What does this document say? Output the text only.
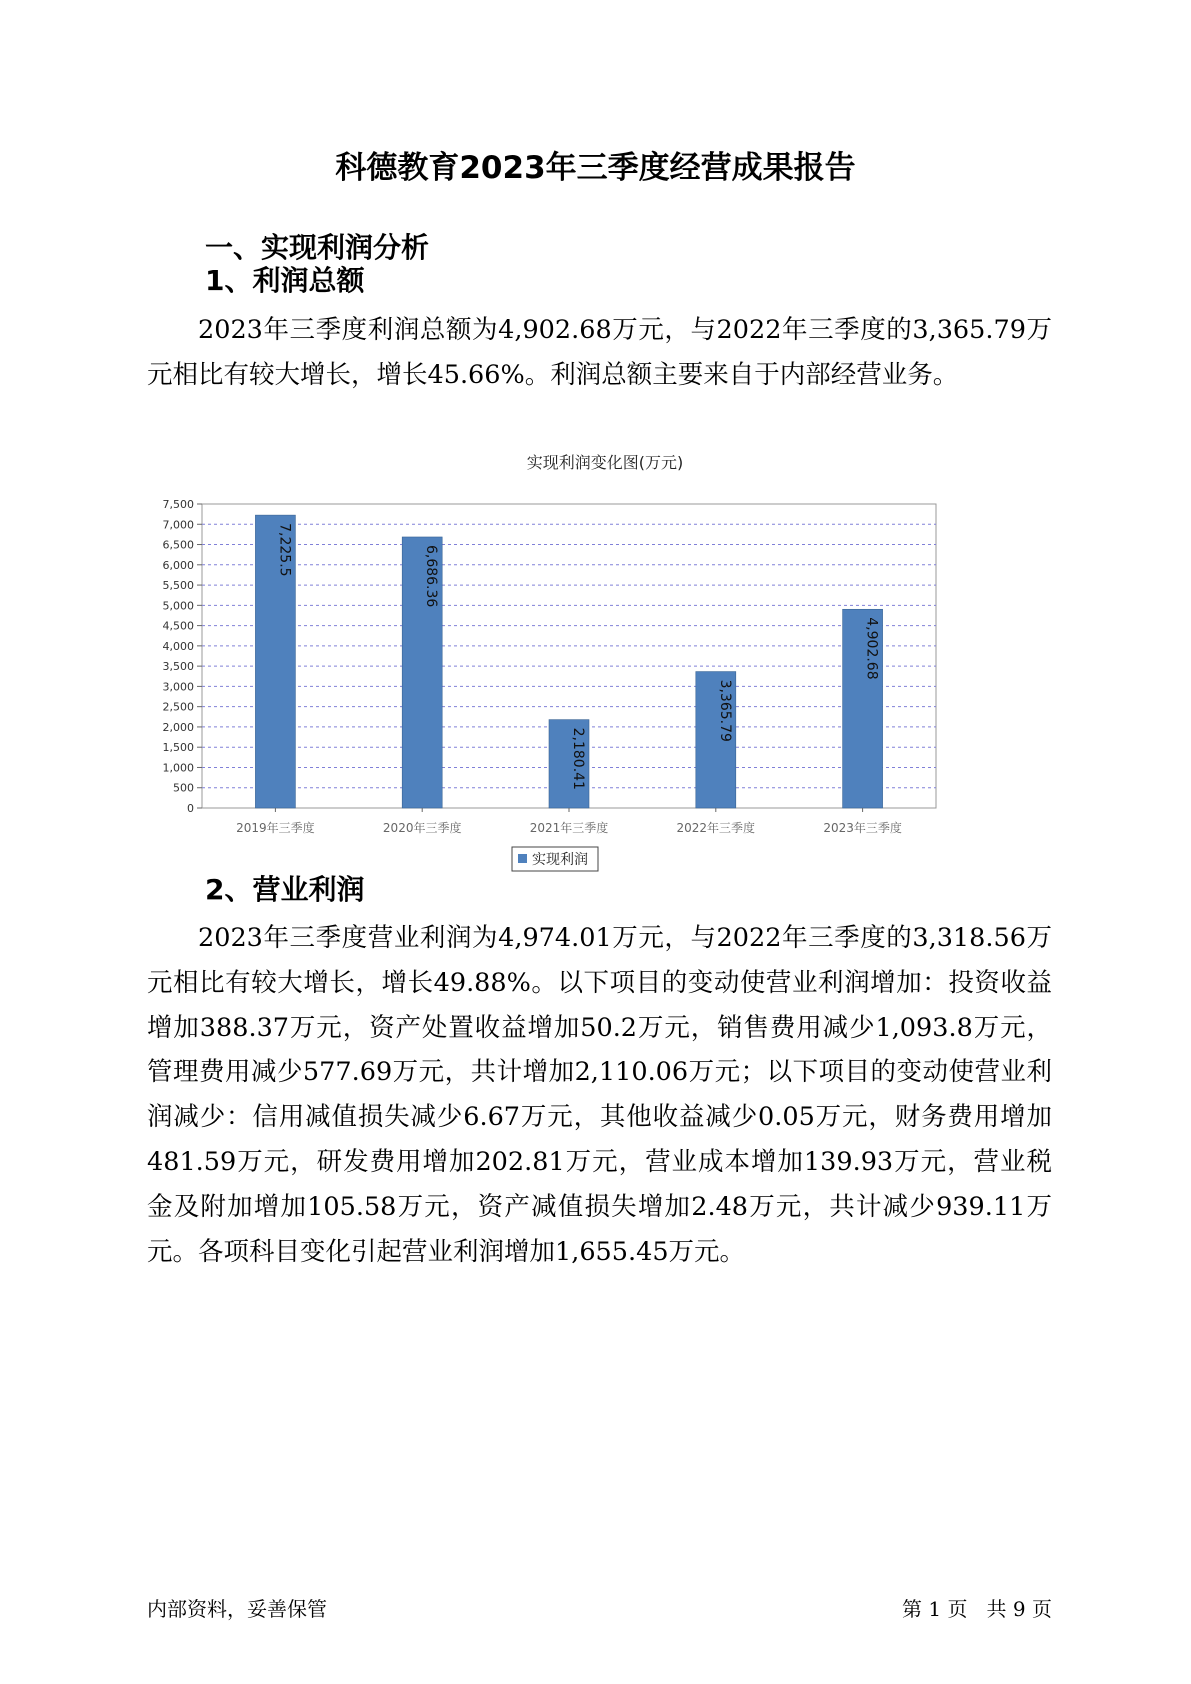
科德教育2023年三季度经营成果报告
一、实现利润分析
1、利润总额

2023年三季度利润总额为4,902.68万元，与2022年三季度的3,365.79万元相比有较大增长，增长45.66%。利润总额主要来自于内部经营业务。

实现利润变化图(万元)
7,225.5	6,686.36
2,180.41
3,365.79
4,902.68
0
500
1,000
1,500
2,000
2,500
3,000
3,500
4,000
4,500
5,000
5,500
6,000
6,500
7,000
7,500
2019年三季度	2020年三季度	2021年三季度	2022年三季度	2023年三季度
实现利润
2、营业利润

2023年三季度营业利润为4,974.01万元，与2022年三季度的3,318.56万元相比有较大增长，增长49.88%。以下项目的变动使营业利润增加：投资收益增加388.37万元，资产处置收益增加50.2万元，销售费用减少1,093.8万元，管理费用减少577.69万元，共计增加2,110.06万元；以下项目的变动使营业利润减少：信用减值损失减少6.67万元，其他收益减少0.05万元，财务费用增加481.59万元，研发费用增加202.81万元，营业成本增加139.93万元，营业税金及附加增加105.58万元，资产减值损失增加2.48万元，共计减少939.11万元。各项科目变化引起营业利润增加1,655.45万元。

内部资料，妥善保管	第 1 页   共 9 页
